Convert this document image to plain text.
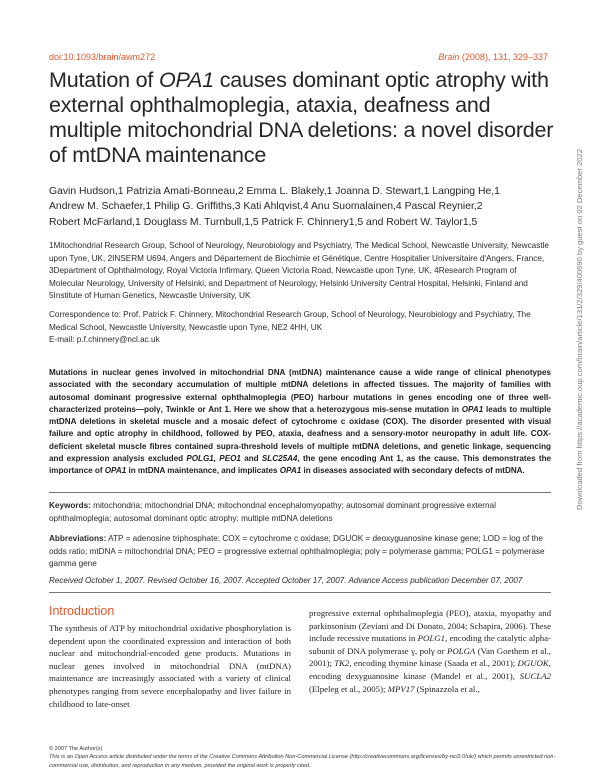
doi:10.1093/brain/awm272	Brain (2008), 131, 329–337
Mutation of OPA1 causes dominant optic atrophy with external ophthalmoplegia, ataxia, deafness and multiple mitochondrial DNA deletions: a novel disorder of mtDNA maintenance
Gavin Hudson,1 Patrizia Amati-Bonneau,2 Emma L. Blakely,1 Joanna D. Stewart,1 Langping He,1
Andrew M. Schaefer,1 Philip G. Griffiths,3 Kati Ahlqvist,4 Anu Suomalainen,4 Pascal Reynier,2
Robert McFarland,1 Douglass M. Turnbull,1,5 Patrick F. Chinnery1,5 and Robert W. Taylor1,5
1Mitochondrial Research Group, School of Neurology, Neurobiology and Psychiatry, The Medical School, Newcastle University, Newcastle upon Tyne, UK, 2INSERM U694, Angers and Département de Biochimie et Génétique, Centre Hospitalier Universitaire d'Angers, France, 3Department of Ophthalmology, Royal Victoria Infirmary, Queen Victoria Road, Newcastle upon Tyne, UK, 4Research Program of Molecular Neurology, University of Helsinki, and Department of Neurology, Helsinki University Central Hospital, Helsinki, Finland and 5Institute of Human Genetics, Newcastle University, UK
Correspondence to: Prof. Patrick F. Chinnery, Mitochondrial Research Group, School of Neurology, Neurobiology and Psychiatry, The Medical School, Newcastle University, Newcastle upon Tyne, NE2 4HH, UK
E-mail: p.f.chinnery@ncl.ac.uk
Mutations in nuclear genes involved in mitochondrial DNA (mtDNA) maintenance cause a wide range of clinical phenotypes associated with the secondary accumulation of multiple mtDNA deletions in affected tissues. The majority of families with autosomal dominant progressive external ophthalmoplegia (PEO) harbour mutations in genes encoding one of three well-characterized proteins—polγ, Twinkle or Ant 1. Here we show that a heterozygous mis-sense mutation in OPA1 leads to multiple mtDNA deletions in skeletal muscle and a mosaic defect of cytochrome c oxidase (COX). The disorder presented with visual failure and optic atrophy in childhood, followed by PEO, ataxia, deafness and a sensory-motor neuropathy in adult life. COX-deficient skeletal muscle fibres contained supra-threshold levels of multiple mtDNA deletions, and genetic linkage, sequencing and expression analysis excluded POLG1, PEO1 and SLC25A4, the gene encoding Ant 1, as the cause. This demonstrates the importance of OPA1 in mtDNA maintenance, and implicates OPA1 in diseases associated with secondary defects of mtDNA.
Keywords: mitochondria; mitochondrial DNA; mitochondrial encephalomyopathy; autosomal dominant progressive external ophthalmoplegia; autosomal dominant optic atrophy; multiple mtDNA deletions
Abbreviations: ATP = adenosine triphosphate; COX = cytochrome c oxidase; DGUOK = deoxyguanosine kinase gene; LOD = log of the odds ratio; mtDNA = mitochondrial DNA; PEO = progressive external ophthalmoplegia; polγ = polymerase gamma; POLG1 = polymerase gamma gene
Received October 1, 2007. Revised October 16, 2007. Accepted October 17, 2007. Advance Access publication December 07, 2007
Introduction
The synthesis of ATP by mitochondrial oxidative phosphorylation is dependent upon the coordinated expression and interaction of both nuclear and mitochondrial-encoded gene products. Mutations in nuclear genes involved in mitochondrial DNA (mtDNA) maintenance are increasingly associated with a variety of clinical phenotypes ranging from severe encephalopathy and liver failure in childhood to late-onset
progressive external ophthalmoplegia (PEO), ataxia, myopathy and parkinsonism (Zeviani and Di Donato, 2004; Schapira, 2006). These include recessive mutations in POLG1, encoding the catalytic alpha-subunit of DNA polymerase γ, polγ or POLGA (Van Goethem et al., 2001); TK2, encoding thymine kinase (Saada et al., 2001); DGUOK, encoding dexyguanosine kinase (Mandel et al., 2001), SUCLA2 (Elpeleg et al., 2005); MPV17 (Spinazzola et al.,
© 2007 The Author(s)
This is an Open Access article distributed under the terms of the Creative Commons Attribution Non-Commercial License (http://creativecommons.org/licenses/by-nc/2.0/uk/) which permits unrestricted non-commercial use, distribution, and reproduction in any medium, provided the original work is properly cited.
Downloaded from https://academic.oup.com/brain/article/131/2/329/400690 by guest on 02 December 2022
